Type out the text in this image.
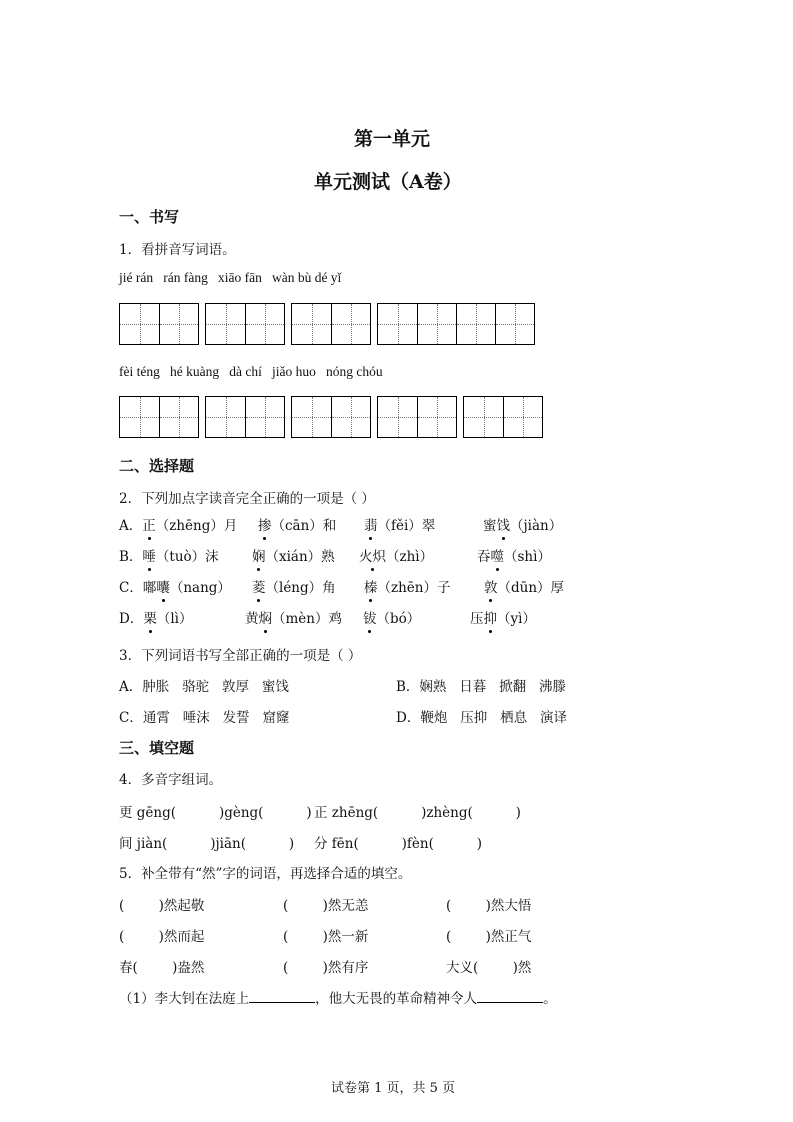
第一单元
单元测试（A卷）
一、书写
1．看拼音写词语。
jié rán rán fàng xiāo fān wàn bù dé yǐ
fèi téng hé kuàng dà chí jiǎo huo nóng chóu
二、选择题
2．下列加点字读音完全正确的一项是（ ）
A．正（zhēng）月 掺（cān）和 翡（fěi）翠	蜜饯（jiàn）
B．唾（tuò）沫 娴（xián）熟 火炽（zhì）	吞噬（shì）
C．嘟囔（nang） 菱（léng）角 榛（zhēn）子 敦（dūn）厚
D．栗（lì）	黄焖（mèn）鸡 钹（bó）	压抑（yì）
3．下列词语书写全部正确的一项是（ ）
A．肿胀   骆驼   敦厚   蜜饯	B．娴熟   日暮   掀翻   沸滕
C．通霄   唾沫   发誓   窟窿	D．鞭炮   压抑   栖息   演译
三、填空题
4．多音字组词。
更 gēng(          )gèng(          ) 正 zhēng(          )zhèng(          )
间 jiàn(          )jiān(          ) 分 fēn(          )fèn(          )
5．补全带有“然”字的词语，再选择合适的填空。
(        )然起敬	(        )然无恙	(        )然大悟
(        )然而起	(        )然一新	(        )然正气
春(        )盎然	(        )然有序	大义(        )然
（1）李大钊在法庭上	，他大无畏的革命精神令人	。
试卷第 1 页，共 5 页
